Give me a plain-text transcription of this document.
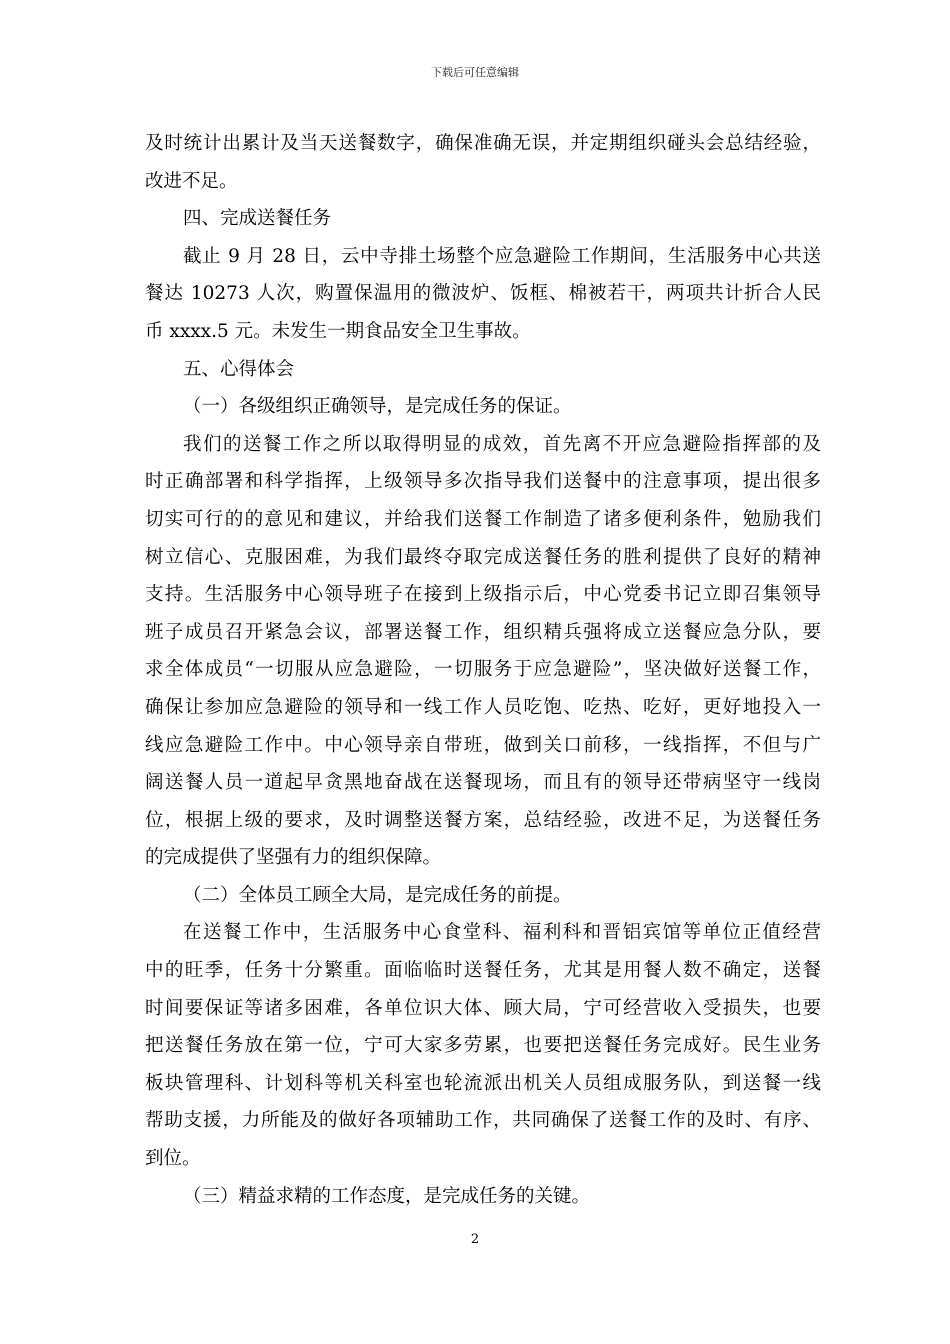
下载后可任意编辑
及时统计出累计及当天送餐数字，确保准确无误，并定期组织碰头会总结经验，
改进不足。
四、完成送餐任务
截止 9 月 28 日，云中寺排土场整个应急避险工作期间，生活服务中心共送
餐达 10273 人次，购置保温用的微波炉、饭框、棉被若干，两项共计折合人民
币 xxxx.5 元。未发生一期食品安全卫生事故。
五、心得体会
（一）各级组织正确领导，是完成任务的保证。
我们的送餐工作之所以取得明显的成效，首先离不开应急避险指挥部的及
时正确部署和科学指挥，上级领导多次指导我们送餐中的注意事项，提出很多
切实可行的的意见和建议，并给我们送餐工作制造了诸多便利条件，勉励我们
树立信心、克服困难，为我们最终夺取完成送餐任务的胜利提供了良好的精神
支持。生活服务中心领导班子在接到上级指示后，中心党委书记立即召集领导
班子成员召开紧急会议，部署送餐工作，组织精兵强将成立送餐应急分队，要
求全体成员“一切服从应急避险，一切服务于应急避险”，坚决做好送餐工作，
确保让参加应急避险的领导和一线工作人员吃饱、吃热、吃好，更好地投入一
线应急避险工作中。中心领导亲自带班，做到关口前移，一线指挥，不但与广
阔送餐人员一道起早贪黑地奋战在送餐现场，而且有的领导还带病坚守一线岗
位，根据上级的要求，及时调整送餐方案，总结经验，改进不足，为送餐任务
的完成提供了坚强有力的组织保障。
（二）全体员工顾全大局，是完成任务的前提。
在送餐工作中，生活服务中心食堂科、福利科和晋铝宾馆等单位正值经营
中的旺季，任务十分繁重。面临临时送餐任务，尤其是用餐人数不确定，送餐
时间要保证等诸多困难，各单位识大体、顾大局，宁可经营收入受损失，也要
把送餐任务放在第一位，宁可大家多劳累，也要把送餐任务完成好。民生业务
板块管理科、计划科等机关科室也轮流派出机关人员组成服务队，到送餐一线
帮助支援，力所能及的做好各项辅助工作，共同确保了送餐工作的及时、有序、
到位。
（三）精益求精的工作态度，是完成任务的关键。
2
